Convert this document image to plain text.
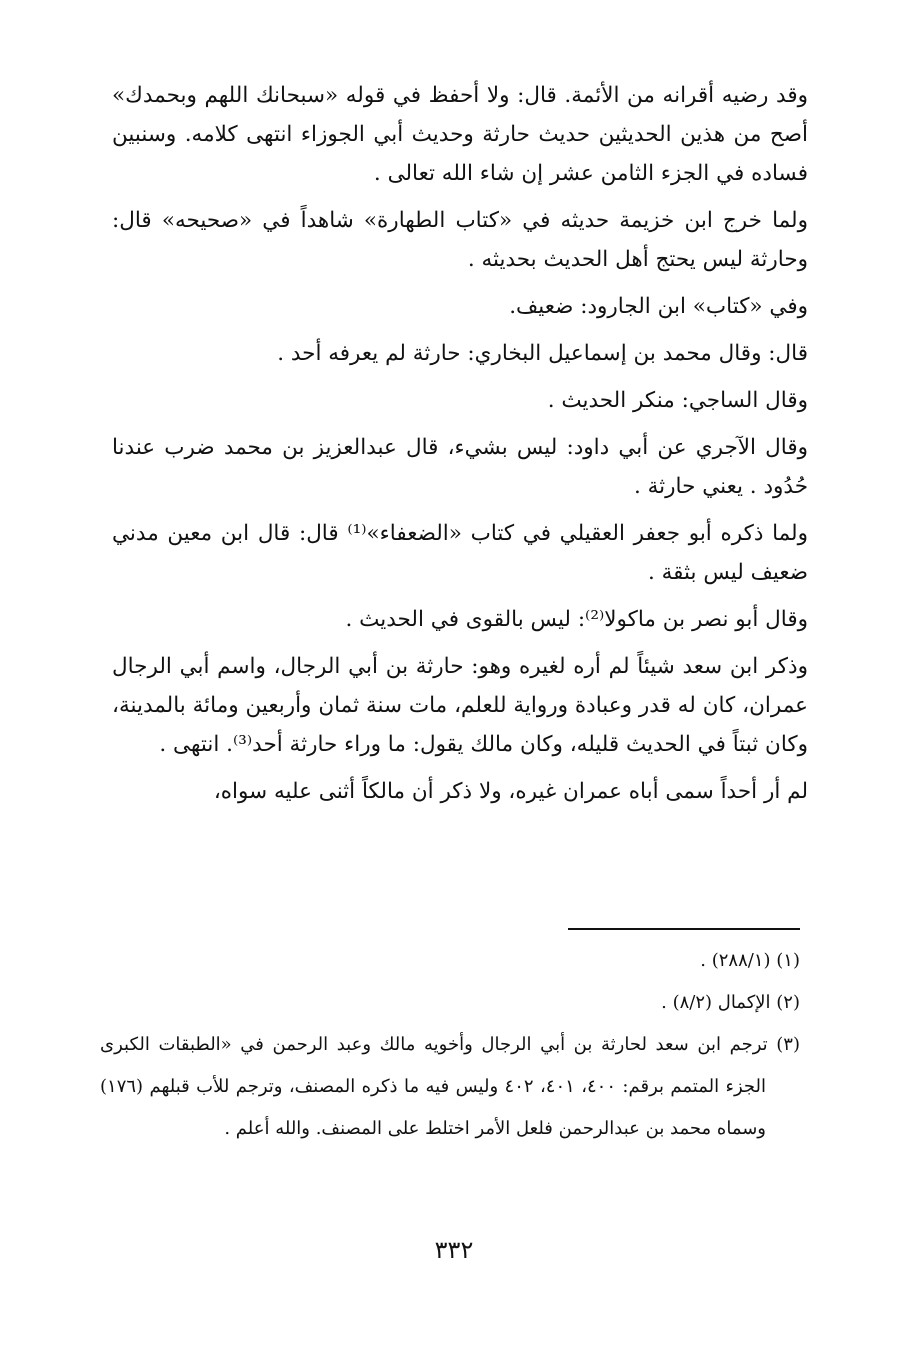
وقد رضيه أقرانه من الأئمة. قال: ولا أحفظ في قوله «سبحانك اللهم وبحمدك» أصح من هذين الحديثين حديث حارثة وحديث أبي الجوزاء انتهى كلامه. وسنبين فساده في الجزء الثامن عشر إن شاء الله تعالى .

ولما خرج ابن خزيمة حديثه في «كتاب الطهارة» شاهداً في «صحيحه» قال: وحارثة ليس يحتج أهل الحديث بحديثه .

وفي «كتاب» ابن الجارود: ضعيف.

قال: وقال محمد بن إسماعيل البخاري: حارثة لم يعرفه أحد .

وقال الساجي: منكر الحديث .

وقال الآجري عن أبي داود: ليس بشيء، قال عبدالعزيز بن محمد ضرب عندنا حُدُود . يعني حارثة .

ولما ذكره أبو جعفر العقيلي في كتاب «الضعفاء»⁽¹⁾ قال: قال ابن معين مدني ضعيف ليس بثقة .

وقال أبو نصر بن ماكولا⁽²⁾: ليس بالقوى في الحديث .

وذكر ابن سعد شيئاً لم أره لغيره وهو: حارثة بن أبي الرجال، واسم أبي الرجال عمران، كان له قدر وعبادة ورواية للعلم، مات سنة ثمان وأربعين ومائة بالمدينة، وكان ثبتاً في الحديث قليله، وكان مالك يقول: ما وراء حارثة أحد⁽³⁾. انتهى .

لم أر أحداً سمى أباه عمران غيره، ولا ذكر أن مالكاً أثنى عليه سواه،

(١) (٢٨٨/١) .

(٢) الإكمال (٨/٢) .

(٣) ترجم ابن سعد لحارثة بن أبي الرجال وأخويه مالك وعبد الرحمن في «الطبقات الكبرى الجزء المتمم برقم: ٤٠٠، ٤٠١، ٤٠٢ وليس فيه ما ذكره المصنف، وترجم للأب قبلهم (١٧٦) وسماه محمد بن عبدالرحمن فلعل الأمر اختلط على المصنف. والله أعلم .

٣٣٢
